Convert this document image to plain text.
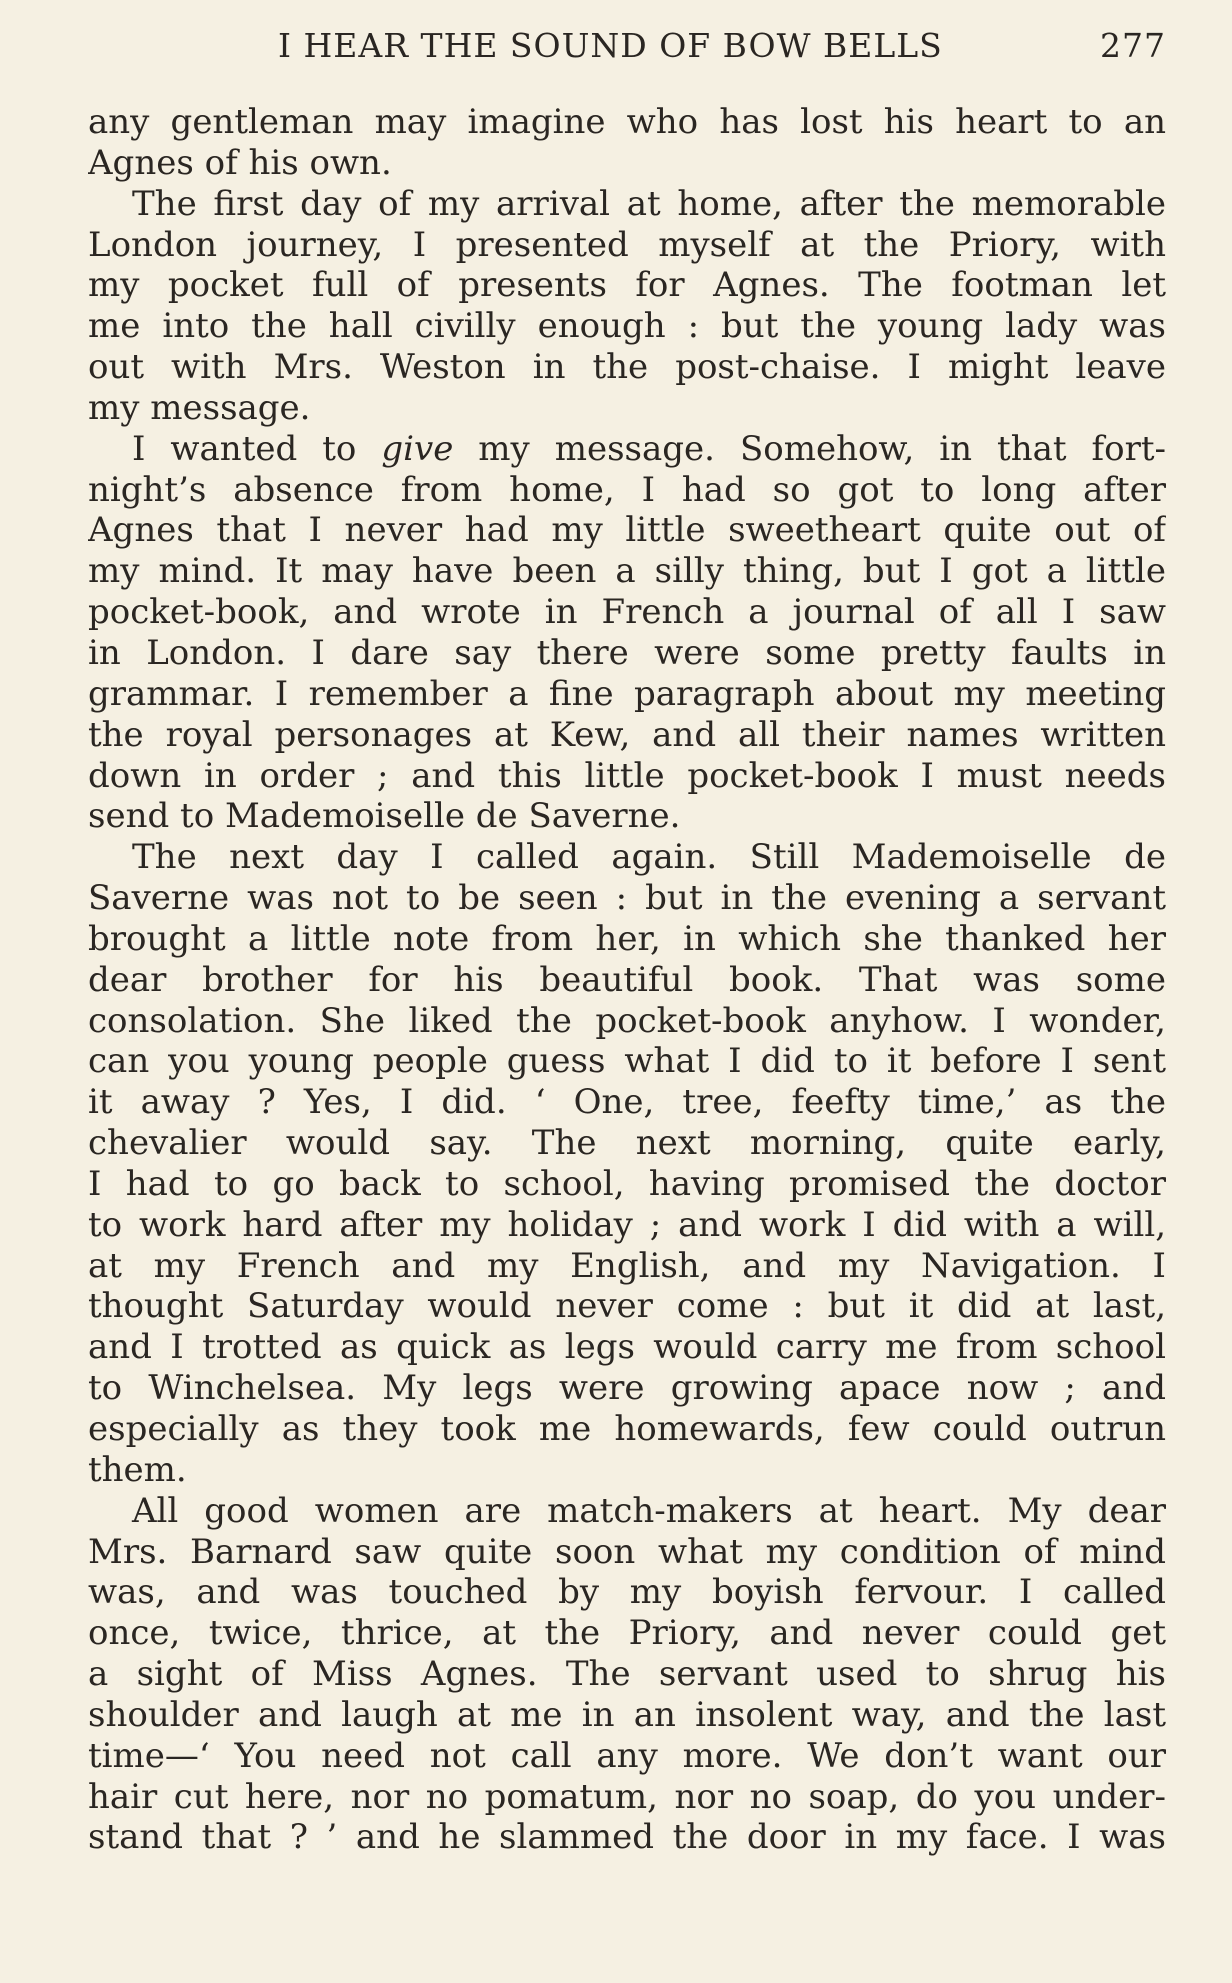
I HEAR THE SOUND OF BOW BELLS	277
any gentleman may imagine who has lost his heart to an
Agnes of his own.
The first day of my arrival at home, after the memorable
London journey, I presented myself at the Priory, with
my pocket full of presents for Agnes. The footman let
me into the hall civilly enough : but the young lady was
out with Mrs. Weston in the post-chaise. I might leave
my message.
I wanted to give my message. Somehow, in that fort-
night’s absence from home, I had so got to long after
Agnes that I never had my little sweetheart quite out of
my mind. It may have been a silly thing, but I got a little
pocket-book, and wrote in French a journal of all I saw
in London. I dare say there were some pretty faults in
grammar. I remember a fine paragraph about my meeting
the royal personages at Kew, and all their names written
down in order ; and this little pocket-book I must needs
send to Mademoiselle de Saverne.
The next day I called again. Still Mademoiselle de
Saverne was not to be seen : but in the evening a servant
brought a little note from her, in which she thanked her
dear brother for his beautiful book. That was some
consolation. She liked the pocket-book anyhow. I wonder,
can you young people guess what I did to it before I sent
it away ? Yes, I did. ‘ One, tree, feefty time,’ as the
chevalier would say. The next morning, quite early,
I had to go back to school, having promised the doctor
to work hard after my holiday ; and work I did with a will,
at my French and my English, and my Navigation. I
thought Saturday would never come : but it did at last,
and I trotted as quick as legs would carry me from school
to Winchelsea. My legs were growing apace now ; and
especially as they took me homewards, few could outrun
them.
All good women are match-makers at heart. My dear
Mrs. Barnard saw quite soon what my condition of mind
was, and was touched by my boyish fervour. I called
once, twice, thrice, at the Priory, and never could get
a sight of Miss Agnes. The servant used to shrug his
shoulder and laugh at me in an insolent way, and the last
time—‘ You need not call any more. We don’t want our
hair cut here, nor no pomatum, nor no soap, do you under-
stand that ? ’ and he slammed the door in my face. I was
